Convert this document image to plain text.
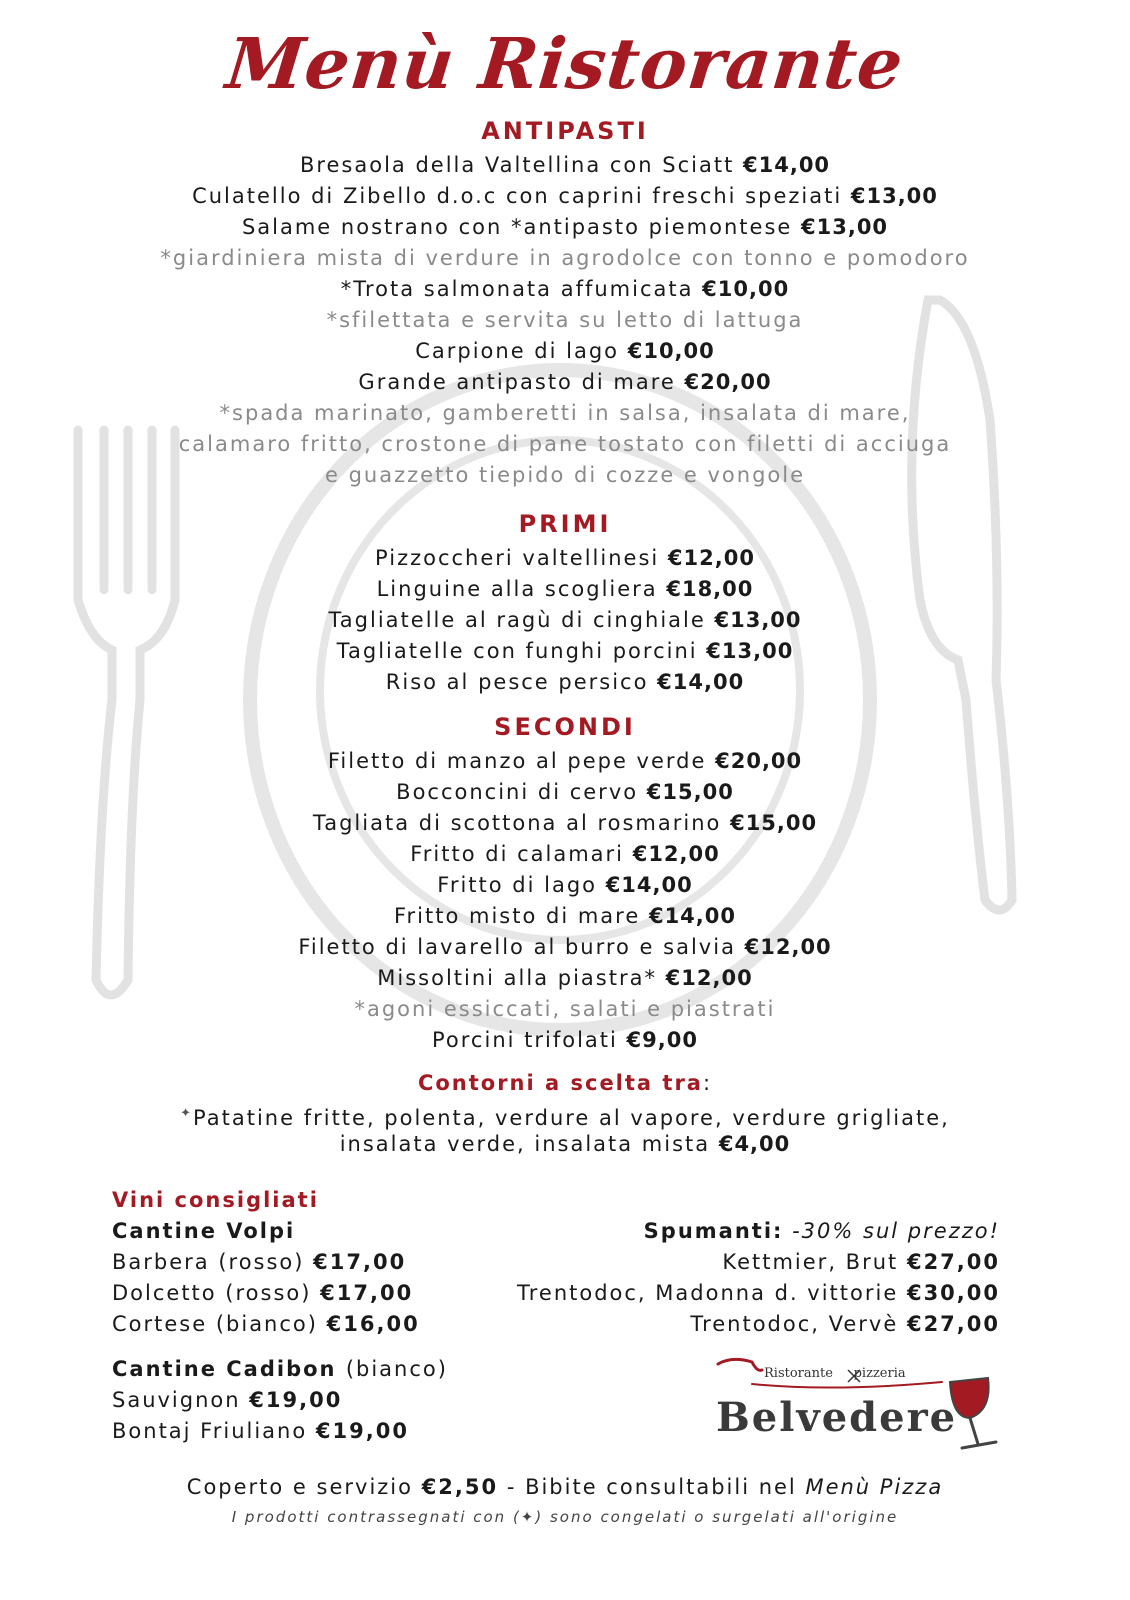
Menù Ristorante
ANTIPASTI
Bresaola della Valtellina con Sciatt €14,00
Culatello di Zibello d.o.c con caprini freschi speziati €13,00
Salame nostrano con *antipasto piemontese €13,00
*giardiniera mista di verdure in agrodolce con tonno e pomodoro
*Trota salmonata affumicata €10,00
*sfilettata e servita su letto di lattuga
Carpione di lago €10,00
Grande antipasto di mare €20,00
*spada marinato, gamberetti in salsa, insalata di mare,
calamaro fritto, crostone di pane tostato con filetti di acciuga
e guazzetto tiepido di cozze e vongole
PRIMI
Pizzoccheri valtellinesi €12,00
Linguine alla scogliera €18,00
Tagliatelle al ragù di cinghiale €13,00
Tagliatelle con funghi porcini €13,00
Riso al pesce persico €14,00
SECONDI
Filetto di manzo al pepe verde €20,00
Bocconcini di cervo €15,00
Tagliata di scottona al rosmarino €15,00
Fritto di calamari €12,00
Fritto di lago €14,00
Fritto misto di mare €14,00
Filetto di lavarello al burro e salvia €12,00
Missoltini alla piastra* €12,00
*agoni essiccati, salati e piastrati
Porcini trifolati €9,00
Contorni a scelta tra:
✦Patatine fritte, polenta, verdure al vapore, verdure grigliate,
insalata verde, insalata mista €4,00
Vini consigliati
Cantine Volpi
Barbera (rosso) €17,00
Dolcetto (rosso) €17,00
Cortese (bianco) €16,00
Cantine Cadibon (bianco)
Sauvignon €19,00
Bontaj Friuliano €19,00
Spumanti: -30% sul prezzo!
Kettmier, Brut €27,00
Trentodoc, Madonna d. vittorie €30,00
Trentodoc, Vervè €27,00
Ristorante pizzeria
Belvedere
Coperto e servizio €2,50 - Bibite consultabili nel Menù Pizza
I prodotti contrassegnati con (✦) sono congelati o surgelati all'origine
